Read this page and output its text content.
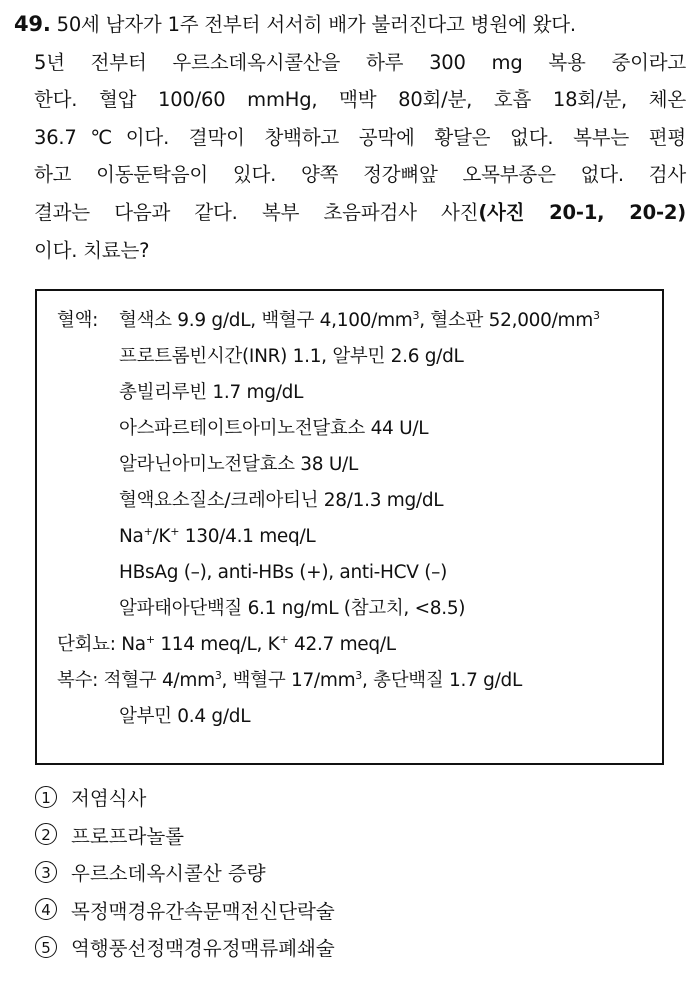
49. 50세 남자가 1주 전부터 서서히 배가 불러진다고 병원에 왔다.
5년 전부터 우르소데옥시콜산을 하루 300 mg 복용 중이라고
한다. 혈압 100/60 mmHg, 맥박 80회/분, 호흡 18회/분, 체온
36.7℃이다. 결막이 창백하고 공막에 황달은 없다. 복부는 편평
하고 이동둔탁음이 있다. 양쪽 정강뼈앞 오목부종은 없다. 검사
결과는 다음과 같다. 복부 초음파검사 사진(사진 20-1, 20-2)
이다. 치료는?
혈액: 혈색소 9.9 g/dL, 백혈구 $4,100/mm^3$, 혈소판 $52,000/mm^3$
프로트롬빈시간(INR) 1.1, 알부민 2.6 g/dL
총빌리루빈 1.7 mg/dL
아스파르테이트아미노전달효소 44 U/L
알라닌아미노전달효소 38 U/L
혈액요소질소/크레아티닌 28/1.3 mg/dL
Na+/K+ 130/4.1 meq/L
HBsAg (–), anti-HBs (+), anti-HCV (–)
알파태아단백질 6.1 ng/mL (참고치, <8.5)
단회뇨: Na+ 114 meq/L, K+ 42.7 meq/L
복수: 적혈구 $4/mm^3$, 백혈구 $17/mm^3$, 총단백질 1.7 g/dL
알부민 0.4 g/dL
1 저염식사
2 프로프라놀롤
3 우르소데옥시콜산 증량
4 목정맥경유간속문맥전신단락술
5 역행풍선정맥경유정맥류폐쇄술
